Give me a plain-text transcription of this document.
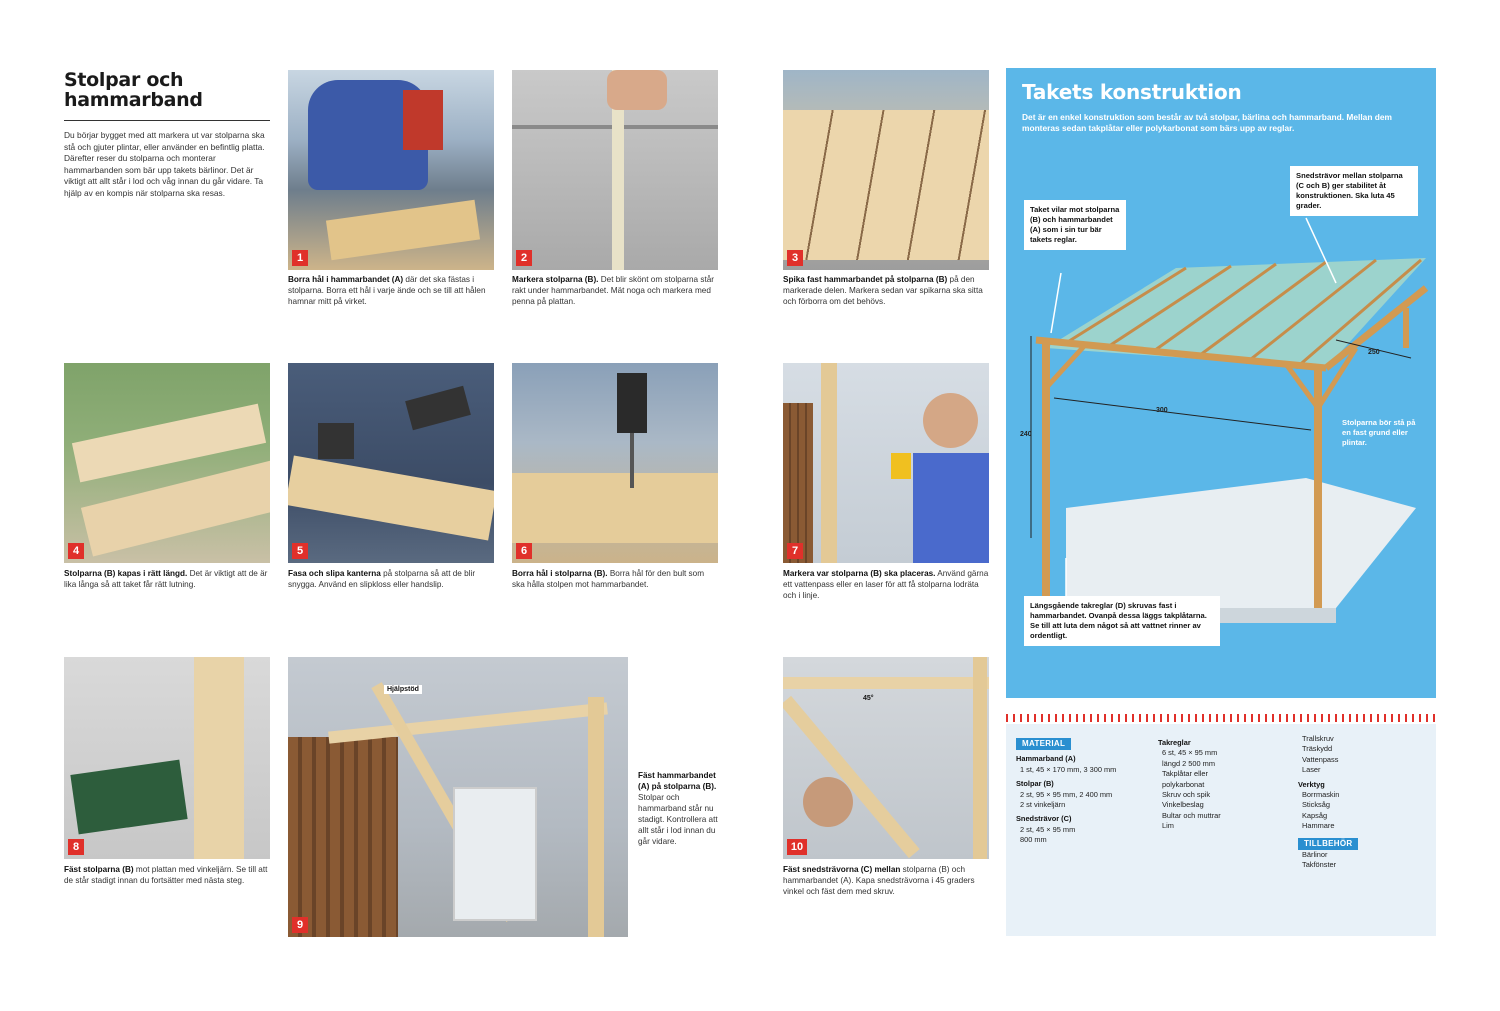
Stolpar och
hammarband
Du börjar bygget med att markera ut var stolparna ska stå och gjuter plintar, eller använder en befintlig platta. Därefter reser du stolparna och monterar hammarbanden som bär upp takets bärlinor. Det är viktigt att allt står i lod och våg innan du går vidare. Ta hjälp av en kompis när stolparna ska resas.
1
Borra hål i hammarbandet (A) där det ska fästas i stolparna. Borra ett hål i varje ände och se till att hålen hamnar mitt på virket.
2
Markera stolparna (B). Det blir skönt om stolparna står rakt under hammarbandet. Mät noga och markera med penna på plattan.
4
Stolparna (B) kapas i rätt längd. Det är viktigt att de är lika långa så att taket får rätt lutning.
5
Fasa och slipa kanterna på stolparna så att de blir snygga. Använd en slipkloss eller handslip.
6
Borra hål i stolparna (B). Borra hål för den bult som ska hålla stolpen mot hammarbandet.
8
Fäst stolparna (B) mot plattan med vinkeljärn. Se till att de står stadigt innan du fortsätter med nästa steg.
Hjälpstöd
9
Fäst hammarbandet (A) på stolparna (B).
Stolpar och hammarband står nu stadigt. Kontrollera att allt står i lod innan du går vidare.
3
Spika fast hammarbandet på stolparna (B) på den markerade delen. Markera sedan var spikarna ska sitta och förborra om det behövs.
7
Markera var stolparna (B) ska placeras. Använd gärna ett vattenpass eller en laser för att få stolparna lodräta och i linje.
45°
10
Fäst snedsträvorna (C) mellan stolparna (B) och hammarbandet (A). Kapa snedsträvorna i 45 graders vinkel och fäst dem med skruv.
Takets konstruktion
Det är en enkel konstruktion som består av två stolpar, bärlina och hammarband. Mellan dem monteras sedan takplåtar eller polykarbonat som bärs upp av reglar.
300
240
250
Taket vilar mot stolparna (B) och hammarbandet (A) som i sin tur bär takets reglar.
Snedsträvor mellan stolparna (C och B) ger stabilitet åt konstruktionen. Ska luta 45 grader.
Längsgående takreglar (D) skruvas fast i hammarbandet. Ovanpå dessa läggs takplåtarna. Se till att luta dem något så att vattnet rinner av ordentligt.
Stolparna bör stå på en fast grund eller plintar.
MATERIAL
Hammarband (A)
1 st, 45 × 170 mm, 3 300 mm
Stolpar (B)
2 st, 95 × 95 mm, 2 400 mm
2 st vinkeljärn
Snedsträvor (C)
2 st, 45 × 95 mm
800 mm
Takreglar
6 st, 45 × 95 mm
längd 2 500 mm
Takplåtar eller
polykarbonat
Skruv och spik
Vinkelbeslag
Bultar och muttrar
Lim
Trallskruv
Träskydd
Vattenpass
Laser
Verktyg
Borrmaskin
Sticksåg
Kapsåg
Hammare
TILLBEHÖR
Bärlinor
Takfönster
